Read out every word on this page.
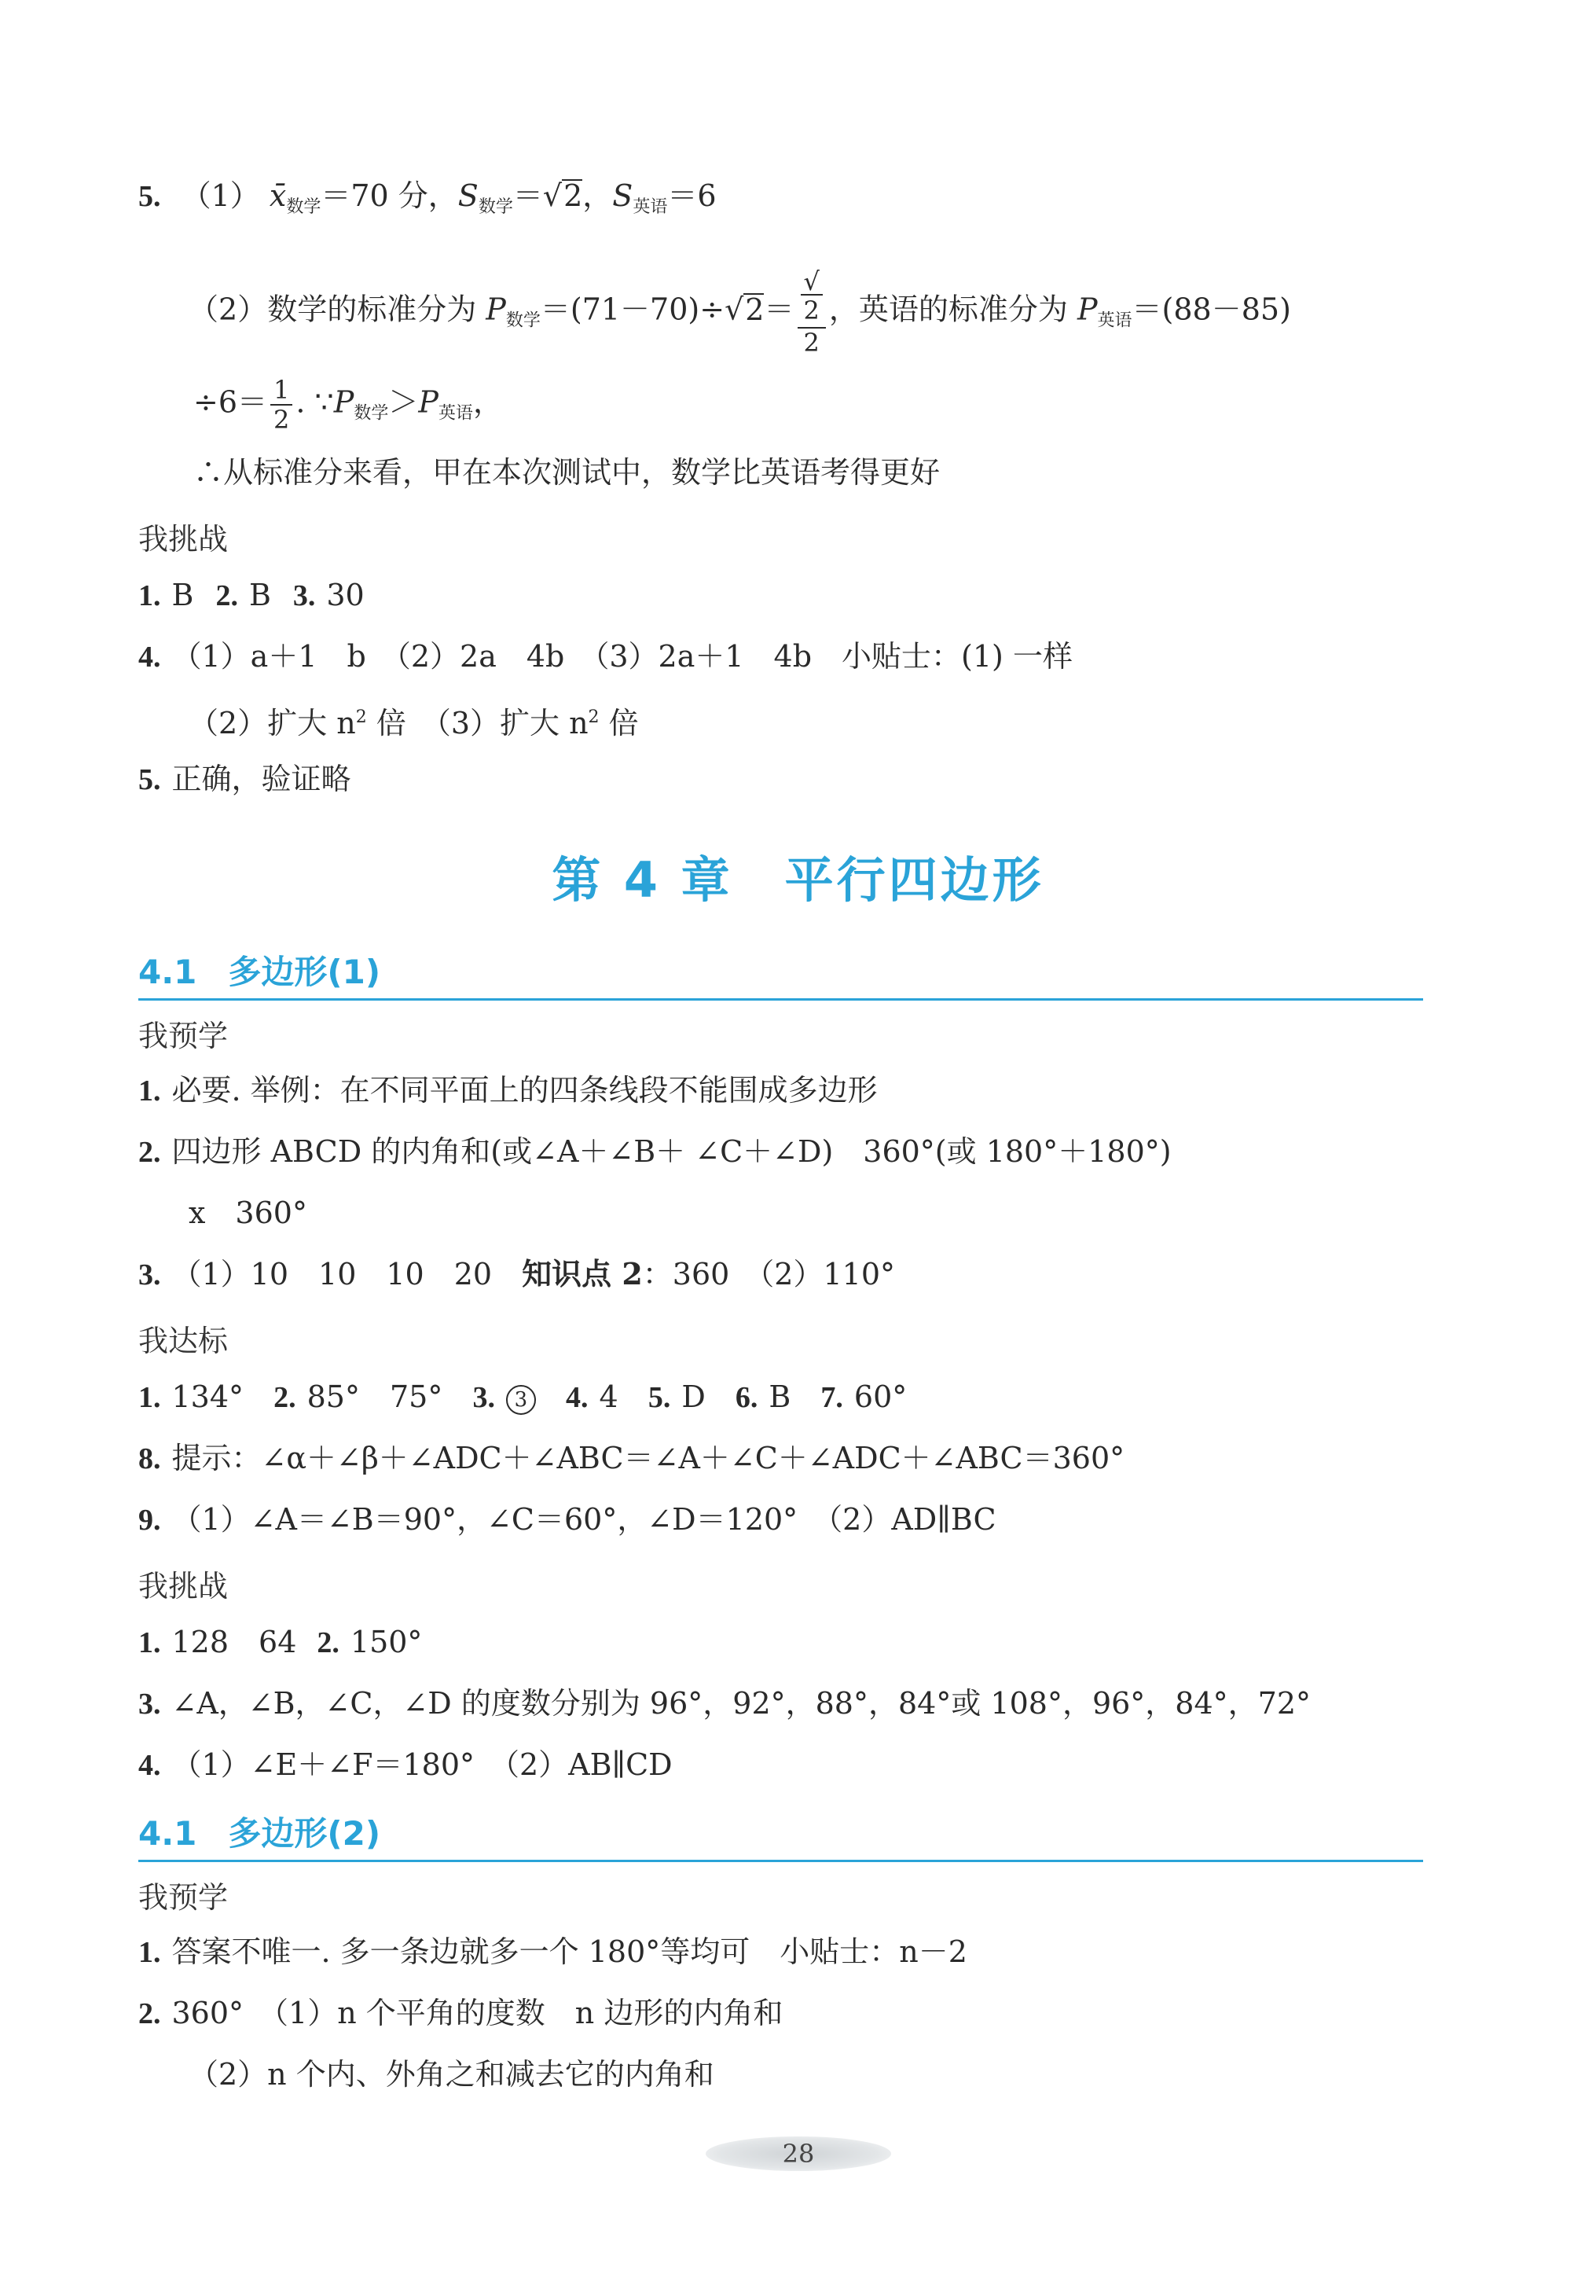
5. （1） $x̄_{数学}=70$ 分，$S_{数学}=√2$，$S_{英语}=6$
（2）数学的标准分为 $P_{数学}=(71-70)\div√2=$ √
2
2 ，英语的标准分为 $P_{英语}=(88-85)$
$\div 6= \frac{1}{2}$ . $\because P_{数学}>P_{英语}$，
∴从标准分来看，甲在本次测试中，数学比英语考得更好
我挑战
1. B 2. B 3. 30
4. （1）a＋1　b　（2）2a　4b　（3）2a＋1　4b　小贴士：(1) 一样
（2）扩大 $n^2$ 倍　（3）扩大 $n^2$ 倍
5. 正确，验证略
第 4 章　平行四边形
4.1 多边形(1)
我预学
1. 必要. 举例：在不同平面上的四条线段不能围成多边形
2. 四边形 ABCD 的内角和(或∠A＋∠B＋ ∠C＋∠D)　360°(或 180°＋180°)
x　360°
3. （1）10　10　10　20　知识点 2：360　（2）110°
我达标
1. 134° 2. 85°　75° 3. 3 4. 4 5. D 6. B 7. 60°
8. 提示：∠α＋∠β＋∠ADC＋∠ABC＝∠A＋∠C＋∠ADC＋∠ABC＝360°
9. （1）∠A＝∠B＝90°，∠C＝60°，∠D＝120°　（2）AD∥BC
我挑战
1. 128　64 2. 150°
3. ∠A，∠B，∠C，∠D 的度数分别为 96°，92°，88°，84°或 108°，96°，84°，72°
4. （1）∠E＋∠F＝180°　（2）AB∥CD
4.1 多边形(2)
我预学
1. 答案不唯一. 多一条边就多一个 180°等均可　小贴士：n－2
2. 360°　（1）n 个平角的度数　n 边形的内角和
（2）n 个内、外角之和减去它的内角和
28
